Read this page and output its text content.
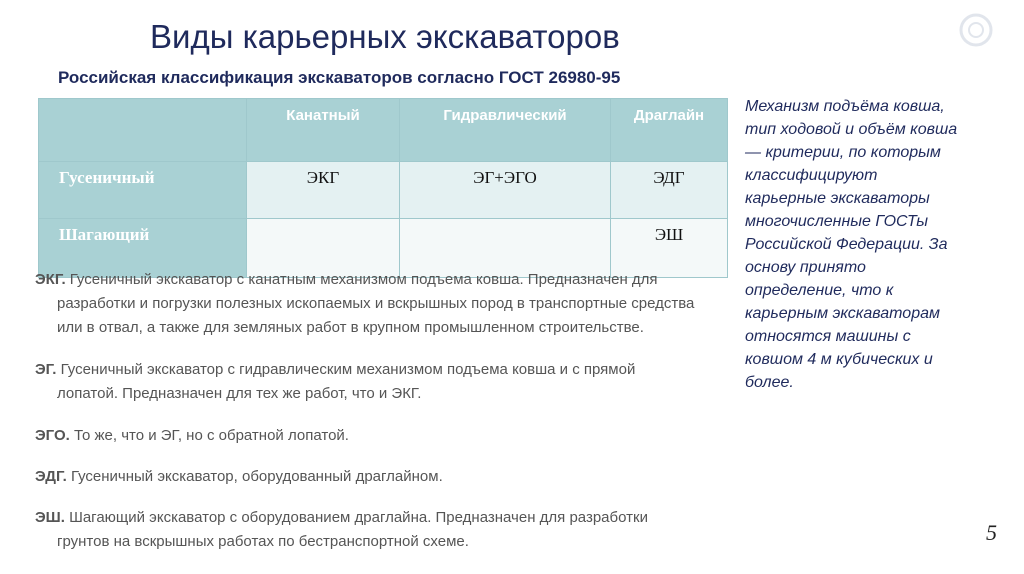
Виды карьерных экскаваторов
Российская классификация экскаваторов согласно ГОСТ 26980-95
	Канатный	Гидравлический	Драглайн
Гусеничный	ЭКГ	ЭГ+ЭГО	ЭДГ
Шагающий			ЭШ
ЭКГ. Гусеничный экскаватор с канатным механизмом подъема ковша. Предназначен для
разработки и погрузки полезных ископаемых и вскрышных пород в транспортные средства
или в отвал, а также для земляных работ в крупном промышленном строительстве.
ЭГ. Гусеничный экскаватор с гидравлическим механизмом подъема ковша и с прямой
лопатой. Предназначен для тех же работ, что и ЭКГ.
ЭГО. То же, что и ЭГ, но с обратной лопатой.
ЭДГ. Гусеничный экскаватор, оборудованный драглайном.
ЭШ. Шагающий экскаватор с оборудованием драглайна. Предназначен для разработки
грунтов на вскрышных работах по бестранспортной схеме.
Механизм подъёма ковша,
тип ходовой и объём ковша
— критерии, по которым
классифицируют
карьерные экскаваторы
многочисленные ГОСТы
Российской Федерации. За
основу принято
определение, что к
карьерным экскаваторам
относятся машины с
ковшом 4 м кубических и
более.
5
